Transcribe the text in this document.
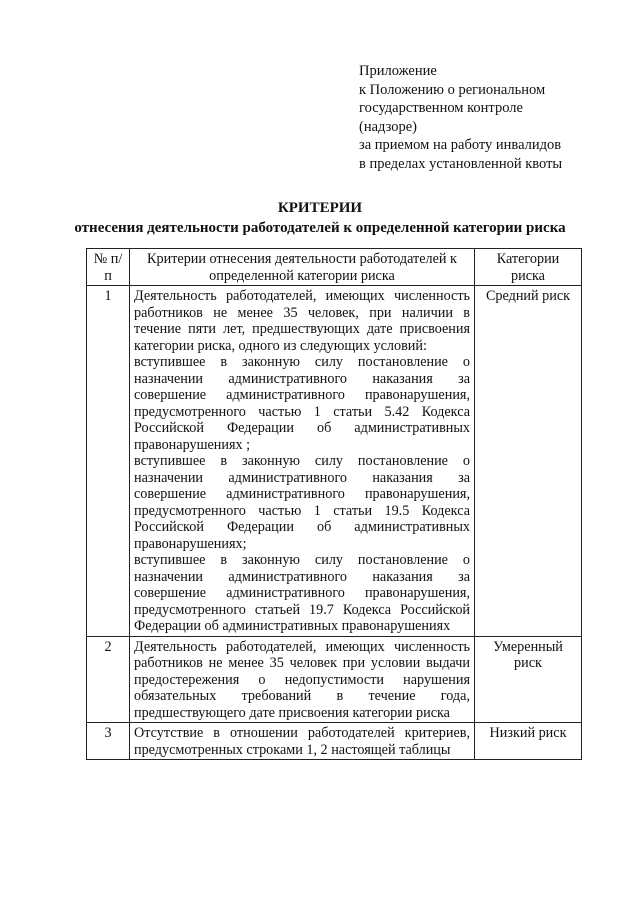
Приложение
к Положению о региональном
государственном контроле
(надзоре)
за приемом на работу инвалидов
в пределах установленной квоты
КРИТЕРИИ
отнесения деятельности работодателей к определенной категории риска
№ п/п	Критерии отнесения деятельности работодателей к определенной категории риска	Категории риска
1	Деятельность работодателей, имеющих численность работников не менее 35 человек, при наличии в течение пяти лет, предшествующих дате присвоения категории риска, одного из следующих условий:
вступившее в законную силу постановление о назначении административного наказания за совершение административного правонарушения, предусмотренного частью 1 статьи 5.42 Кодекса Российской Федерации об административных правонарушениях ;
вступившее в законную силу постановление о назначении административного наказания за совершение административного правонарушения, предусмотренного частью 1 статьи 19.5 Кодекса Российской Федерации об административных правонарушениях;
вступившее в законную силу постановление о назначении административного наказания за совершение административного правонарушения, предусмотренного статьей 19.7 Кодекса Российской Федерации об административных правонарушениях	Средний риск
2	Деятельность работодателей, имеющих численность работников не менее 35 человек при условии выдачи предостережения о недопустимости нарушения обязательных требований в течение года, предшествующего дате присвоения категории риска	Умеренный риск
3	Отсутствие в отношении работодателей критериев, предусмотренных строками 1, 2 настоящей таблицы	Низкий риск
